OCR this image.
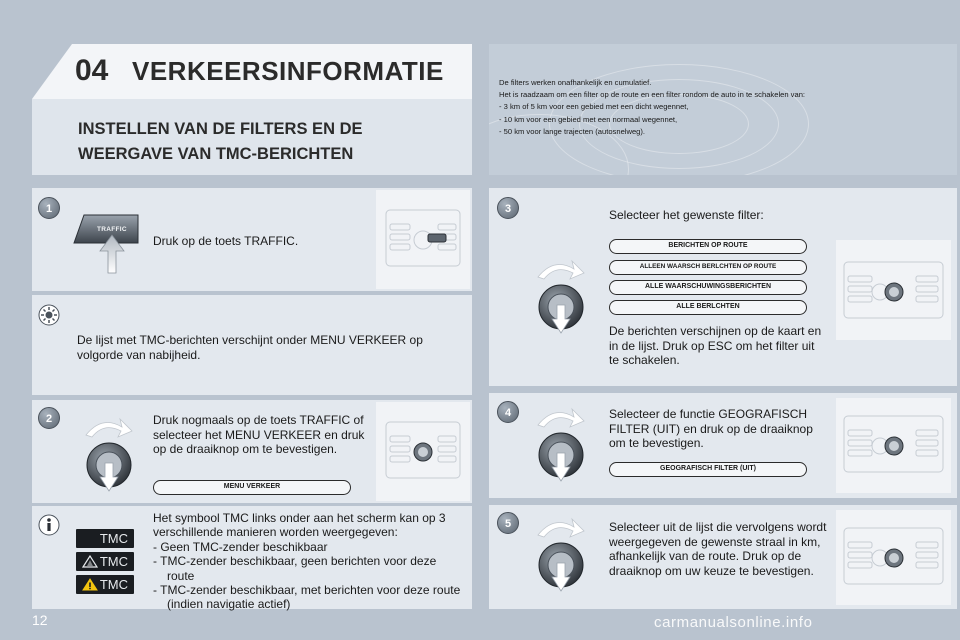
04 VERKEERSINFORMATIE
INSTELLEN VAN DE FILTERS EN DE
WEERGAVE VAN TMC-BERICHTEN
De filters werken onafhankelijk en cumulatief.
Het is raadzaam om een filter op de route en een filter rondom de auto in te schakelen van:
- 3 km of 5 km voor een gebied met een dicht wegennet,
- 10 km voor een gebied met een normaal wegennet,
- 50 km voor lange trajecten (autosnelweg).
1
TRAFFIC
Druk op de toets TRAFFIC.
De lijst met TMC-berichten verschijnt onder MENU VERKEER op volgorde van nabijheid.
2	Druk nogmaals op de toets TRAFFIC of selecteer het MENU VERKEER en druk op de draaiknop om te bevestigen.
MENU VERKEER
TMC
TMC
TMC
Het symbool TMC links onder aan het scherm kan op 3 verschillende manieren worden weergegeven:
- Geen TMC-zender beschikbaar
- TMC-zender beschikbaar, geen berichten voor deze route
- TMC-zender beschikbaar, met berichten voor deze route (indien navigatie actief)
3	Selecteer het gewenste filter:
BERICHTEN OP ROUTE
ALLEEN WAARSCH BERLCHTEN OP ROUTE
ALLE WAARSCHUWINGSBERICHTEN
ALLE BERLCHTEN
De berichten verschijnen op de kaart en in de lijst. Druk op ESC om het filter uit te schakelen.
4	Selecteer de functie GEOGRAFISCH FILTER (UIT) en druk op de draaiknop om te bevestigen.
GEOGRAFISCH FILTER (UIT)
5	Selecteer uit de lijst die vervolgens wordt weergegeven de gewenste straal in km, afhankelijk van de route. Druk op de draaiknop om uw keuze te bevestigen.
12	carmanualsonline.info
